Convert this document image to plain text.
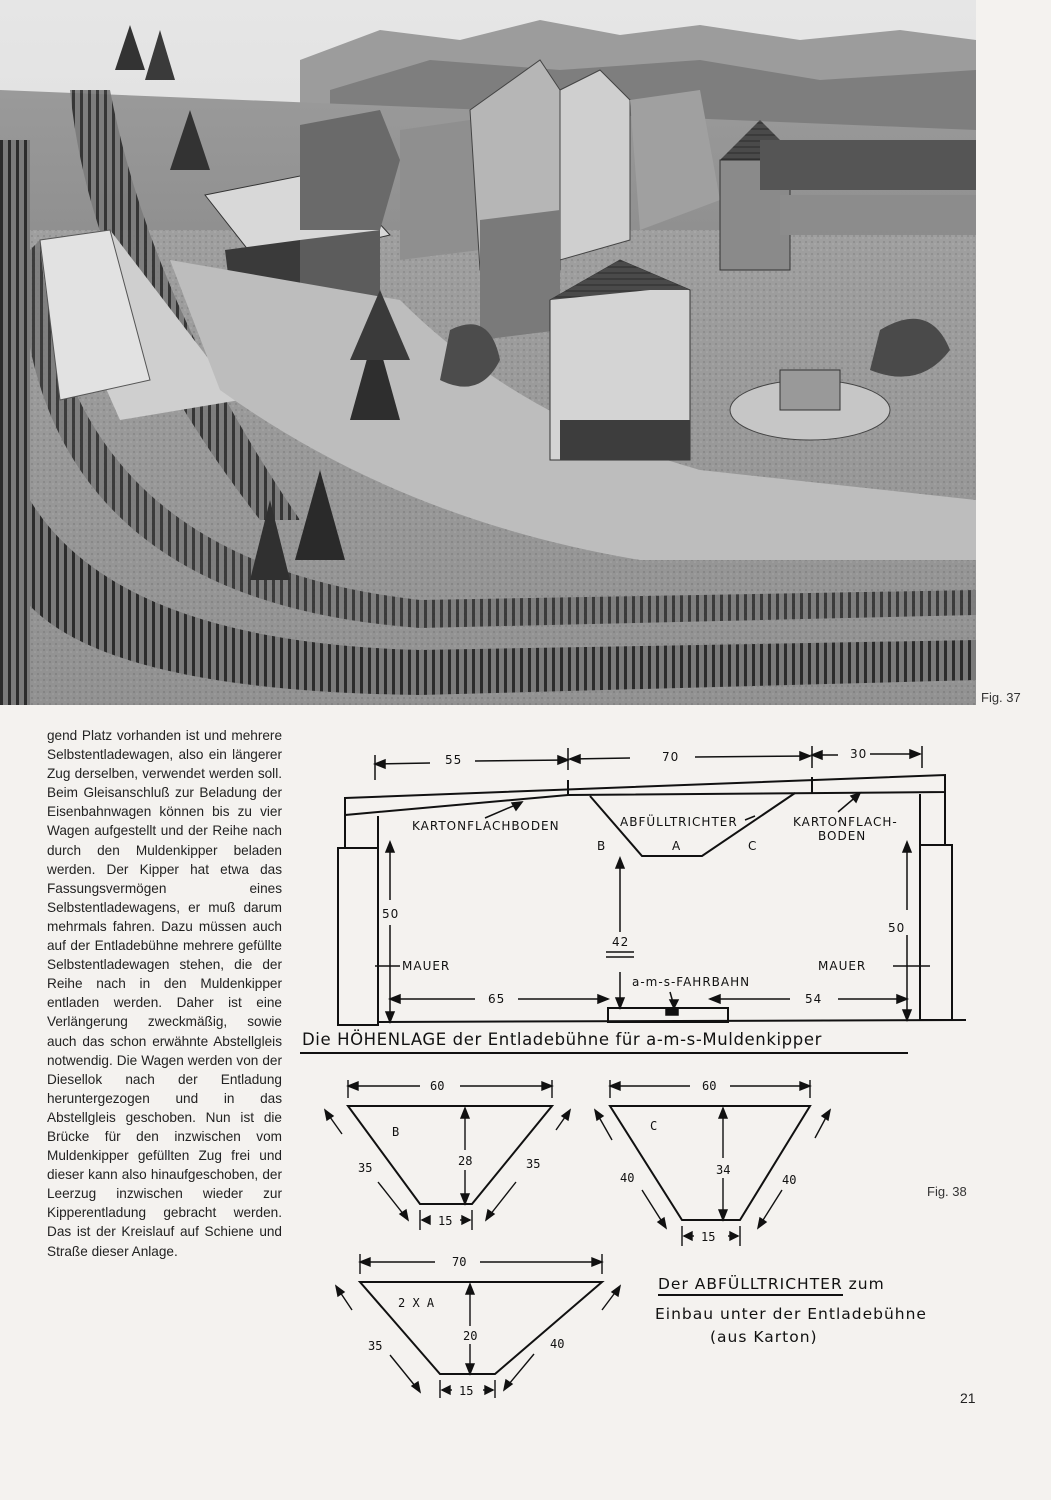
Fig. 37
gend Platz vorhanden ist und mehrere Selbstentladewagen, also ein längerer Zug derselben, verwendet werden soll. Beim Gleisanschluß zur Beladung der Eisenbahnwagen können bis zu vier Wagen aufgestellt und der Reihe nach durch den Muldenkipper beladen werden. Der Kipper hat etwa das Fassungsvermögen eines Selbstentladewagens, er muß darum mehrmals fahren. Dazu müssen auch auf der Entladebühne mehrere gefüllte Selbstentladewagen stehen, die der Reihe nach in den Muldenkipper entladen werden. Daher ist eine Verlängerung zweckmäßig, sowie auch das schon erwähnte Abstellgleis notwendig. Die Wagen werden von der Diesellok nach der Entladung heruntergezogen und in das Abstellgleis geschoben. Nun ist die Brücke für den inzwischen vom Muldenkipper gefüllten Zug frei und dieser kann also hinaufgeschoben, der Leerzug inzwischen wieder zur Kipperentladung gebracht werden. Das ist der Kreislauf auf Schiene und Straße dieser Anlage.
55	70	30
KARTONFLACHBODEN	ABFÜLLTRICHTER	KARTONFLACH-
BODEN
B	A	C
50
50
42
MAUER	MAUER
a-m-s-FAHRBAHN
65	54
Die HÖHENLAGE der Entladebühne für a-m-s-Muldenkipper
B
60
28
35	35
15
C
60
34
40	40
15
2 X A
70
20
35	40
15
Fig. 38
Der ABFÜLLTRICHTER zum
Einbau unter der Entladebühne
(aus Karton)
21
